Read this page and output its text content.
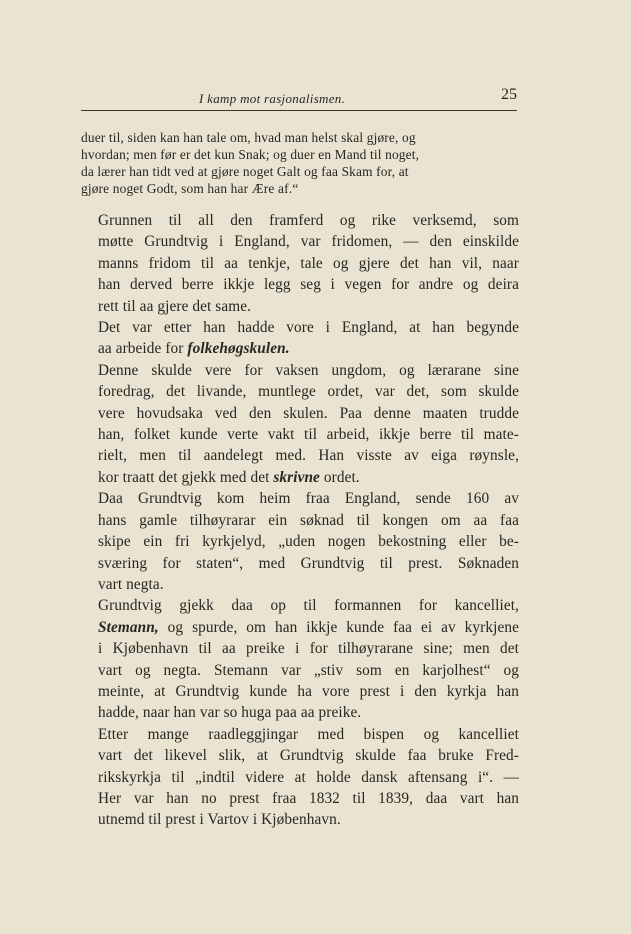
I kamp mot rasjonalismen.	25

duer til, siden kan han tale om, hvad man helst skal gjøre, og
hvordan; men før er det kun Snak; og duer en Mand til noget,
da lærer han tidt ved at gjøre noget Galt og faa Skam for, at
gjøre noget Godt, som han har Ære af.“

Grunnen til all den framferd og rike verksemd, som
møtte Grundtvig i England, var fridomen, — den einskilde
manns fridom til aa tenkje, tale og gjere det han vil, naar
han derved berre ikkje legg seg i vegen for andre og deira
rett til aa gjere det same.

Det var etter han hadde vore i England, at han begynde
aa arbeide for folkehøgskulen.

Denne skulde vere for vaksen ungdom, og lærarane sine
foredrag, det livande, muntlege ordet, var det, som skulde
vere hovudsaka ved den skulen. Paa denne maaten trudde
han, folket kunde verte vakt til arbeid, ikkje berre til mate-
rielt, men til aandelegt med. Han visste av eiga røynsle,
kor traatt det gjekk med det skrivne ordet.

Daa Grundtvig kom heim fraa England, sende 160 av
hans gamle tilhøyrarar ein søknad til kongen om aa faa
skipe ein fri kyrkjelyd, „uden nogen bekostning eller be-
sværing for staten“, med Grundtvig til prest. Søknaden
vart negta.

Grundtvig gjekk daa op til formannen for kancelliet,
Stemann, og spurde, om han ikkje kunde faa ei av kyrkjene
i Kjøbenhavn til aa preike i for tilhøyrarane sine; men det
vart og negta. Stemann var „stiv som en karjolhest“ og
meinte, at Grundtvig kunde ha vore prest i den kyrkja han
hadde, naar han var so huga paa aa preike.

Etter mange raadleggjingar med bispen og kancelliet
vart det likevel slik, at Grundtvig skulde faa bruke Fred-
rikskyrkja til „indtil videre at holde dansk aftensang i“. —
Her var han no prest fraa 1832 til 1839, daa vart han
utnemd til prest i Vartov i Kjøbenhavn.
